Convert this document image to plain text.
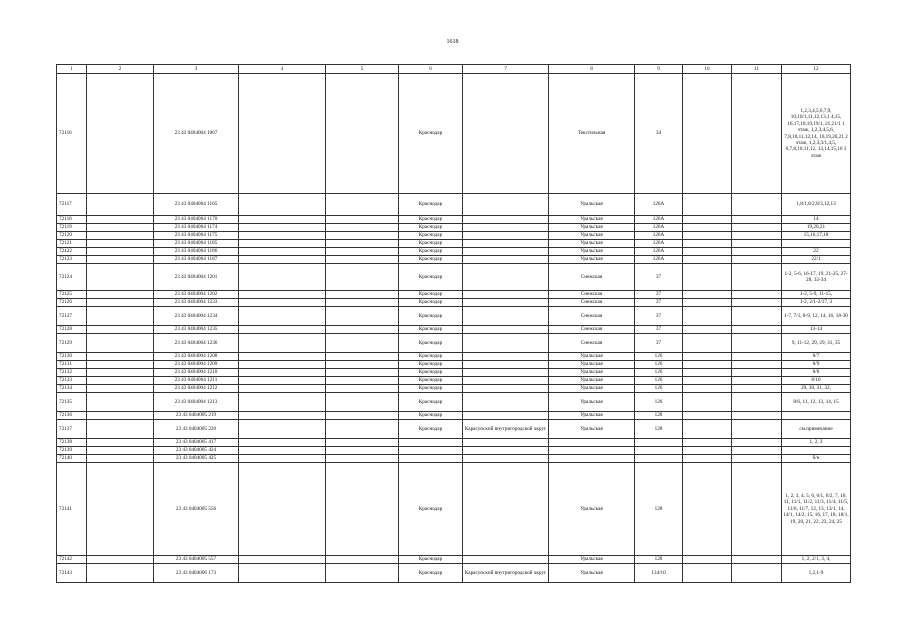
1618
1	2	3	4	5	6	7	8	9	10	11	12
72116		23 43 0404004 1067			Краснодар		Текстильная	34			1,2,3,4,5,6,7,9, 10,10/1,11,12,13,1 4,15, 16,17,18,19,19/1, 21,21/1 1 этаж, 1,2,3,4,5,6, 7,8,10,11,12,14, 16,19,20,21 2 этаж, 1,2,3,3/1,4,5, 6,7,8,10,11,12, 13,14,15,16 3 этаж
72117		23 43 0404004 1165			Краснодар		Уральская	126А			1,8/1,8/2,8/3,12,13
72118		23 43 0404004 1170			Краснодар		Уральская	126А			14
72119		23 43 0404004 1174			Краснодар		Уральская	126А			19,20,21
72120		23 43 0404004 1175			Краснодар		Уральская	126А			15,16,17,18
72121		23 43 0404004 1185			Краснодар		Уральская	126А			
72122		23 43 0404004 1186			Краснодар		Уральская	126А			22
72123		23 43 0404004 1187			Краснодар		Уральская	126А			22/1
72124		23 43 0404004 1201			Краснодар		Снежская	37			1-2, 5-6, 16-17, 19, 21-25, 27-28, 33-34
72125		23 43 0404004 1202			Краснодар		Снежская	37			1-2, 5-9, 11-15,
72126		23 43 0404004 1233			Краснодар		Снежская	37			1-2, 2/1-2/17, 3
72127		23 43 0404004 1234			Краснодар		Снежская	37			1-7, 7/1, 8-9, 12, 14, 16, 18-30
72128		23 43 0404004 1235			Краснодар		Снежская	37			13-14
72129		23 43 0404004 1236			Краснодар		Снежская	37			9, 11-12, 29, 29, 31, 35
72130		23 43 0404004 1208			Краснодар		Уральская	126			8/7
72131		23 43 0404004 1209			Краснодар		Уральская	126			8/9
72132		23 43 0404004 1210			Краснодар		Уральская	126			8/8
72133		23 43 0404004 1211			Краснодар		Уральская	126			8/10
72134		23 43 0404004 1212			Краснодар		Уральская	126			29, 30, 31, 32,
72135		23 43 0404004 1213			Краснодар		Уральская	126			8/6, 11, 12, 13, 14, 15
72136		23 43 0404005 219			Краснодар		Уральская	128			
72137		23 43 0404005 220			Краснодар	Карасунский внутригородской округ	Уральская	128			см.примечание
72138		23 43 0404005 417									1, 2, 3
72139		23 43 0404005 424									
72140		23 43 0404005 425									б/н
72141		23 43 0404005 556			Краснодар		Уральская	128			1, 2, 3, 4, 5, 6, 6/1, 6/2, 7, 10, 11, 11/1, 11/2, 11/3, 11/4, 11/5, 11/6, 11/7, 12, 13, 13/1, 14, 14/1, 14/2, 15, 16, 17, 18, 18/1, 19, 20, 21, 22, 23, 24, 25
72142		23 43 0404005 557			Краснодар		Уральская	128			1, 2, 2/1, 3, 4,
72143		23 43 0404006 173			Краснодар	Карасунский внутригородской округ	Уральская	134/10			1,2,1-9
